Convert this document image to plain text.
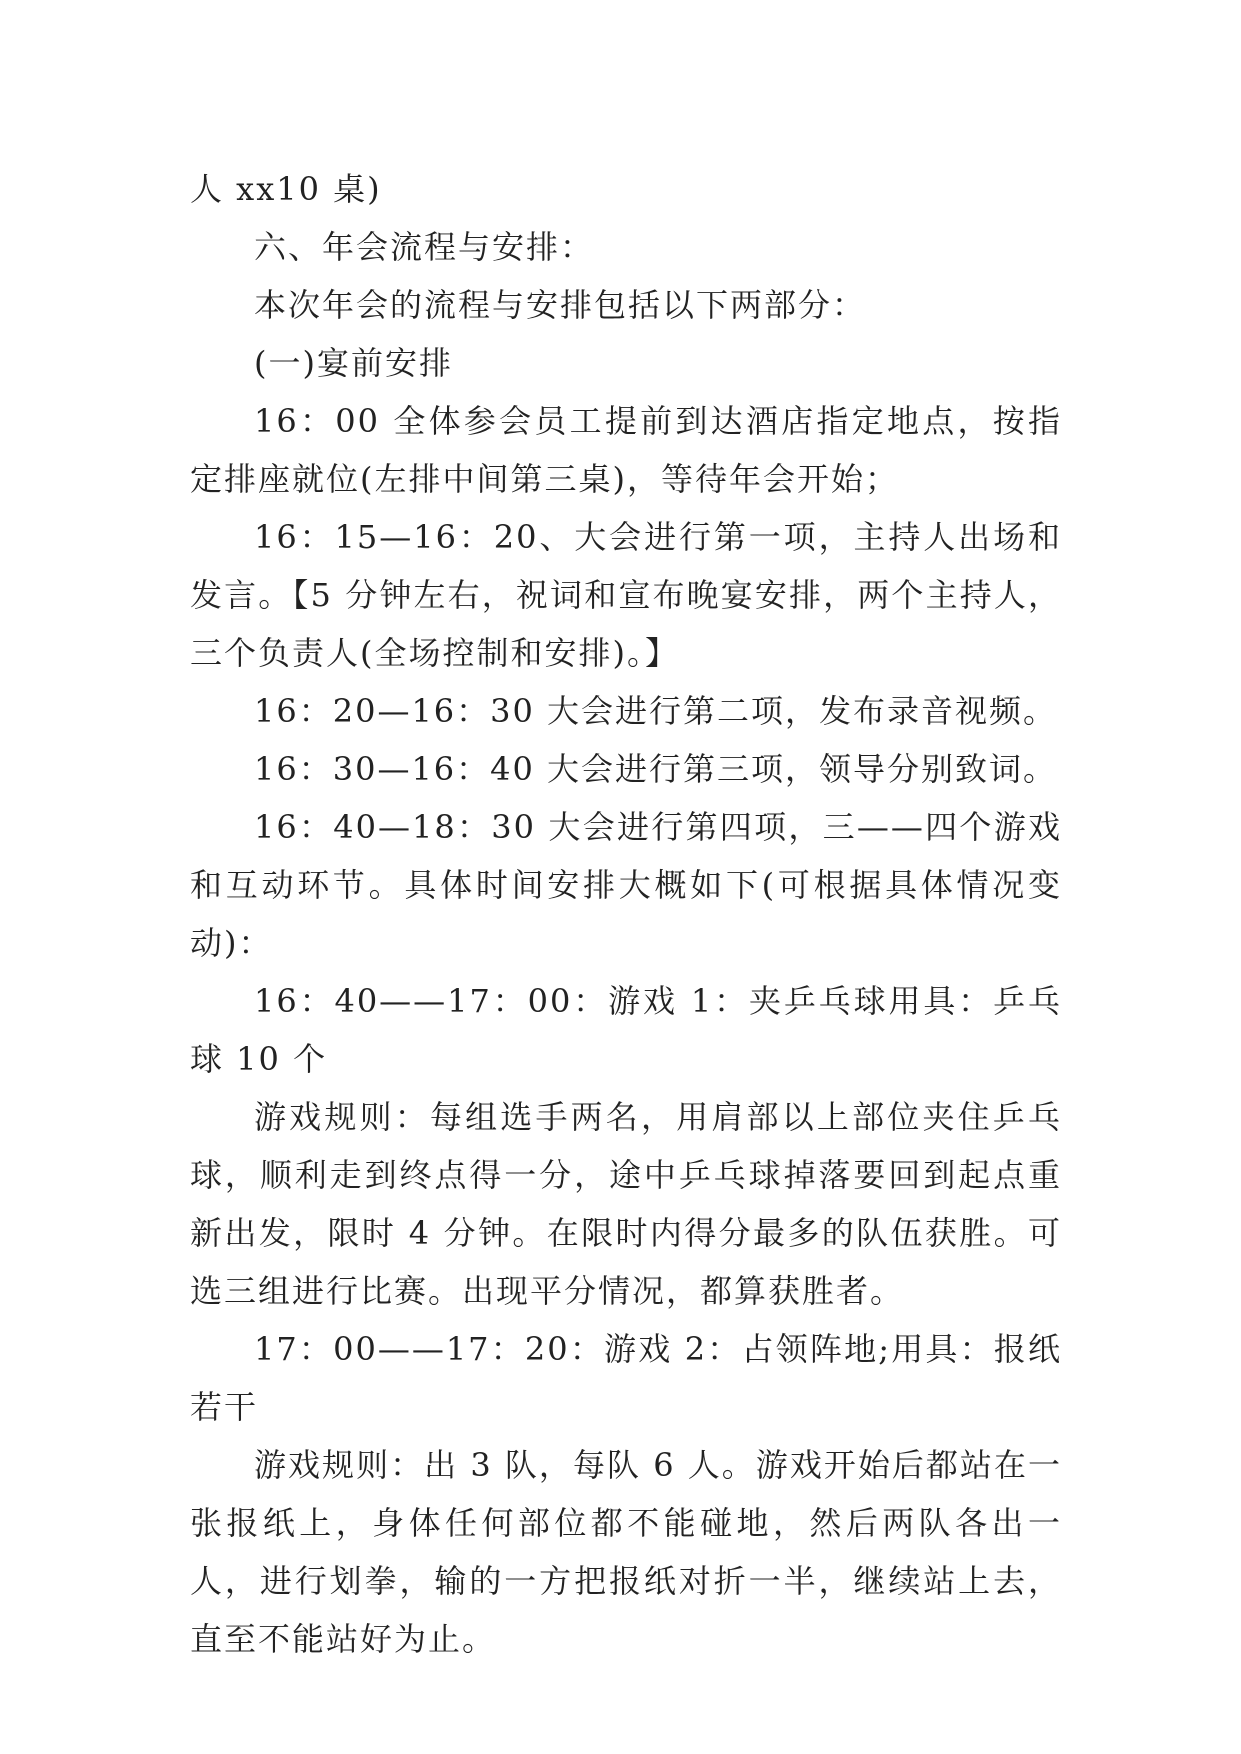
人 xx10 桌)

六、年会流程与安排：

本次年会的流程与安排包括以下两部分：

(一)宴前安排

16：00 全体参会员工提前到达酒店指定地点，按指定排座就位(左排中间第三桌)，等待年会开始；

16：15—16：20、大会进行第一项，主持人出场和发言。【5 分钟左右，祝词和宣布晚宴安排，两个主持人，三个负责人(全场控制和安排)。】

16：20—16：30 大会进行第二项，发布录音视频。

16：30—16：40 大会进行第三项，领导分别致词。

16：40—18：30 大会进行第四项，三——四个游戏和互动环节。具体时间安排大概如下(可根据具体情况变动)：

16：40——17：00：游戏 1：夹乒乓球用具：乒乓球 10 个

游戏规则：每组选手两名，用肩部以上部位夹住乒乓球，顺利走到终点得一分，途中乒乓球掉落要回到起点重新出发，限时 4 分钟。在限时内得分最多的队伍获胜。可选三组进行比赛。出现平分情况，都算获胜者。

17：00——17：20：游戏 2：占领阵地;用具：报纸若干

游戏规则：出 3 队，每队 6 人。游戏开始后都站在一张报纸上，身体任何部位都不能碰地，然后两队各出一人，进行划拳，输的一方把报纸对折一半，继续站上去，直至不能站好为止。
